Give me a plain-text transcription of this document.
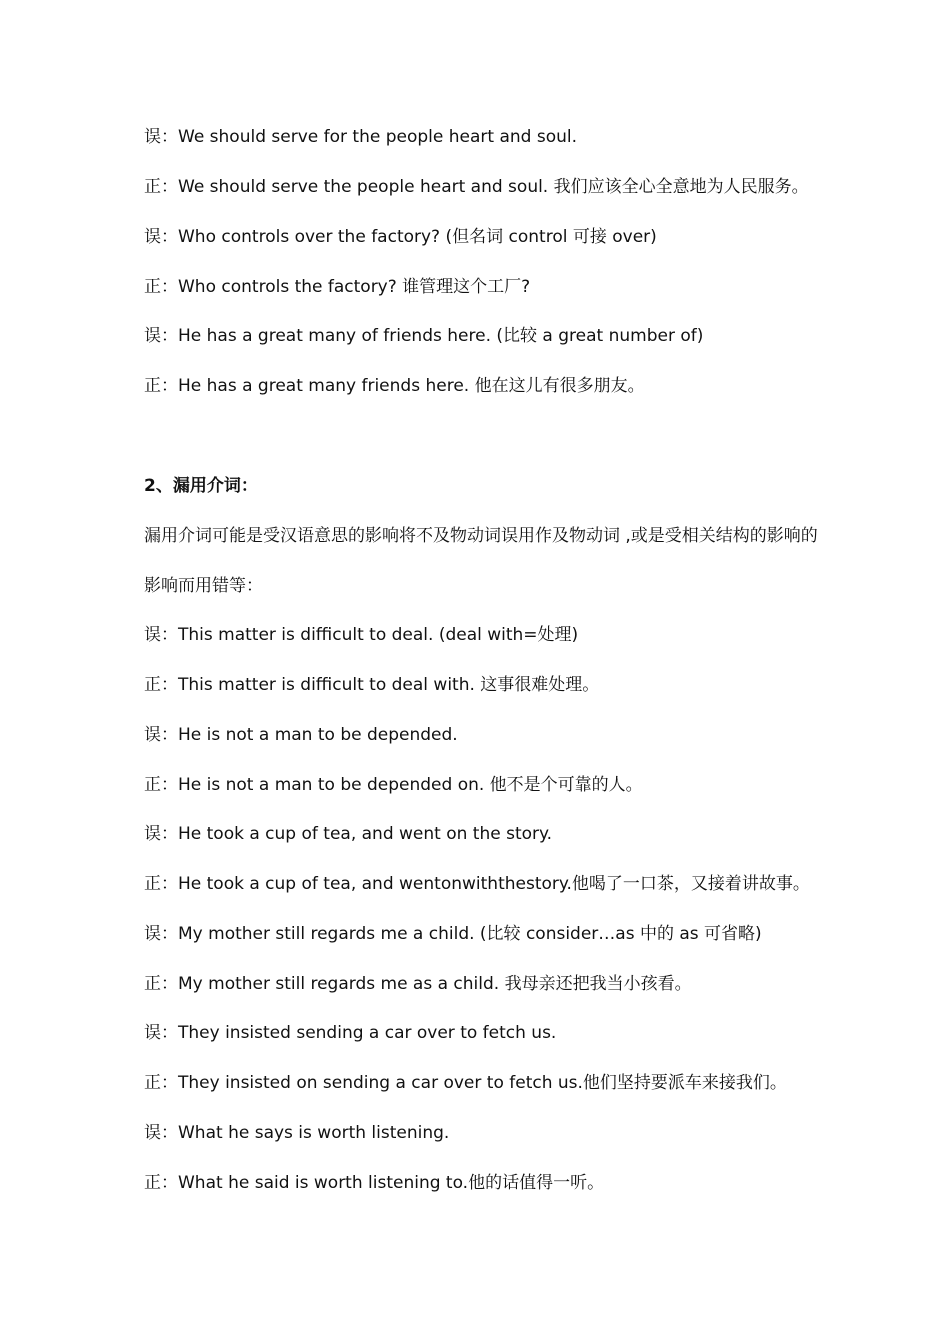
误：We should serve for the people heart and soul.
正：We should serve the people heart and soul. 我们应该全心全意地为人民服务。
误：Who controls over the factory? (但名词 control 可接 over)
正：Who controls the factory? 谁管理这个工厂?
误：He has a great many of friends here. (比较 a great number of)
正：He has a great many friends here. 他在这儿有很多朋友。
2、漏用介词：
漏用介词可能是受汉语意思的影响将不及物动词误用作及物动词 ,或是受相关结构的影响的
影响而用错等：
误：This matter is difficult to deal. (deal with=处理)
正：This matter is difficult to deal with. 这事很难处理。
误：He is not a man to be depended.
正：He is not a man to be depended on. 他不是个可靠的人。
误：He took a cup of tea, and went on the story.
正：He took a cup of tea, and wentonwiththestory.他喝了一口茶，又接着讲故事。
误：My mother still regards me a child. (比较 consider…as 中的 as 可省略)
正：My mother still regards me as a child. 我母亲还把我当小孩看。
误：They insisted sending a car over to fetch us.
正：They insisted on sending a car over to fetch us.他们坚持要派车来接我们。
误：What he says is worth listening.
正：What he said is worth listening to.他的话值得一听。
